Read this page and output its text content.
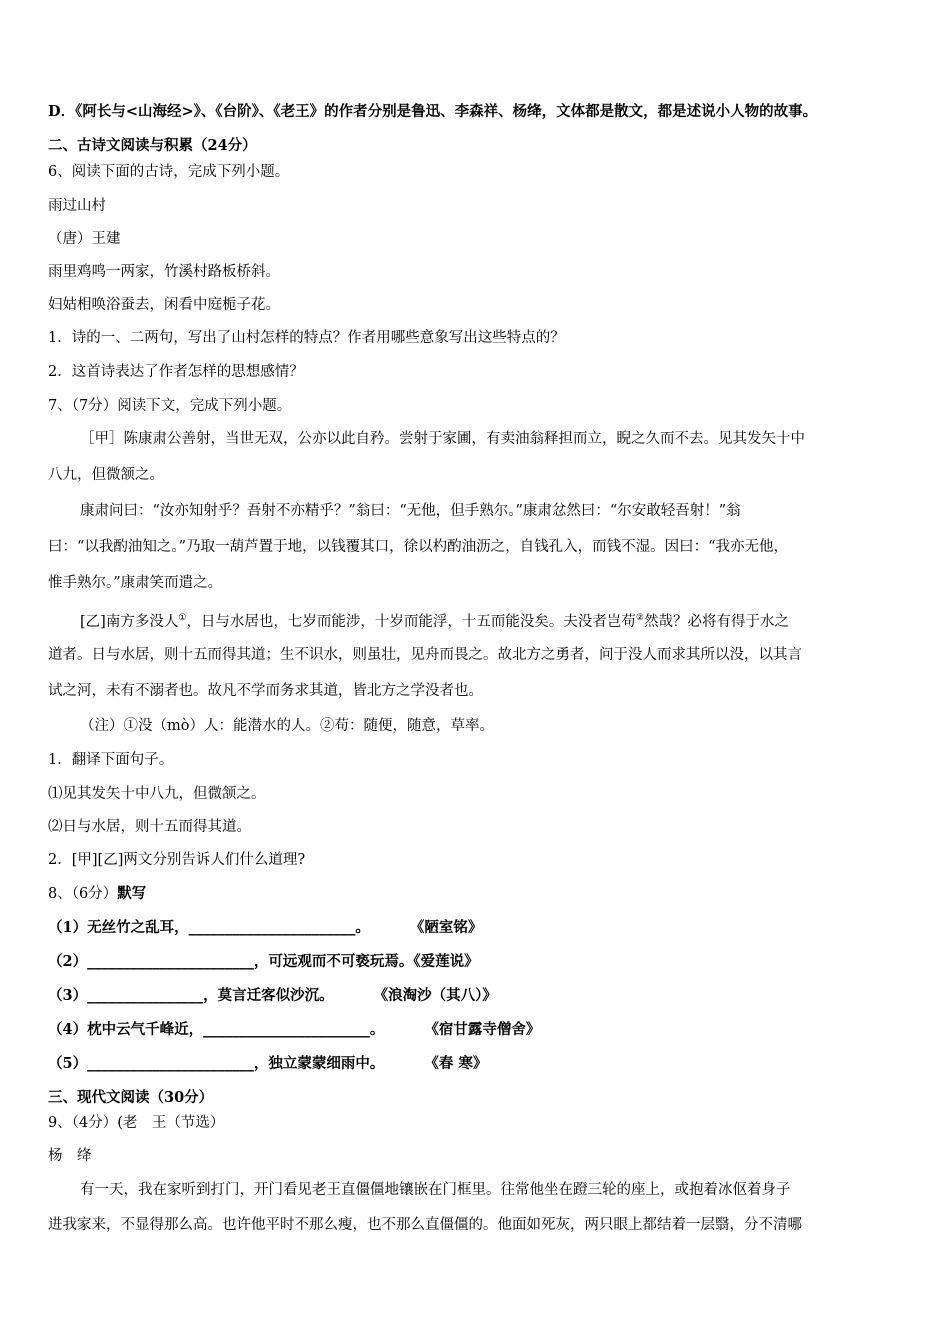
D．《阿长与<山海经>》、《台阶》、《老王》的作者分别是鲁迅、李森祥、杨绛，文体都是散文，都是述说小人物的故事。
二、古诗文阅读与积累（24分）
6、阅读下面的古诗，完成下列小题。
雨过山村
（唐）王建
雨里鸡鸣一两家，竹溪村路板桥斜。
妇姑相唤浴蚕去，闲看中庭栀子花。
1．诗的一、二两句，写出了山村怎样的特点？作者用哪些意象写出这些特点的？
2．这首诗表达了作者怎样的思想感情？
7、（7分）阅读下文，完成下列小题。
［甲］陈康肃公善射，当世无双，公亦以此自矜。尝射于家圃，有卖油翁释担而立，睨之久而不去。见其发矢十中
八九，但微颔之。
康肃问曰：“汝亦知射乎？吾射不亦精乎？”翁曰：“无他，但手熟尔。”康肃忿然曰：“尔安敢轻吾射！”翁
曰：“以我酌油知之。”乃取一葫芦置于地，以钱覆其口，徐以杓酌油沥之，自钱孔入，而钱不湿。因曰：“我亦无他，
惟手熟尔。”康肃笑而遣之。
[乙]南方多没人①，日与水居也，七岁而能涉，十岁而能浮，十五而能没矣。夫没者岂苟②然哉？必将有得于水之
道者。日与水居，则十五而得其道；生不识水，则虽壮，见舟而畏之。故北方之勇者，问于没人而求其所以没，以其言
试之河，未有不溺者也。故凡不学而务求其道，皆北方之学没者也。
（注）①没（mò）人：能潜水的人。②苟：随便，随意，草率。
1．翻译下面句子。
⑴见其发矢十中八九，但微颔之。
⑵日与水居，则十五而得其道。
2．[甲][乙]两文分别告诉人们什么道理?
8、（6分）默写
（1）无丝竹之乱耳，_______________________。	《陋室铭》
（2）_______________________，可远观而不可亵玩焉。《爱莲说》
（3）________________，莫言迁客似沙沉。	《浪淘沙（其八）》
（4）枕中云气千峰近，_______________________。	《宿甘露寺僧舍》
（5）_______________________，独立蒙蒙细雨中。	《春 寒》
三、现代文阅读（30分）
9、（4分）(老　王（节选）
杨　绛
有一天，我在家听到打门，开门看见老王直僵僵地镶嵌在门框里。往常他坐在蹬三轮的座上，或抱着冰伛着身子
进我家来，不显得那么高。也许他平时不那么瘦，也不那么直僵僵的。他面如死灰，两只眼上都结着一层翳，分不清哪
